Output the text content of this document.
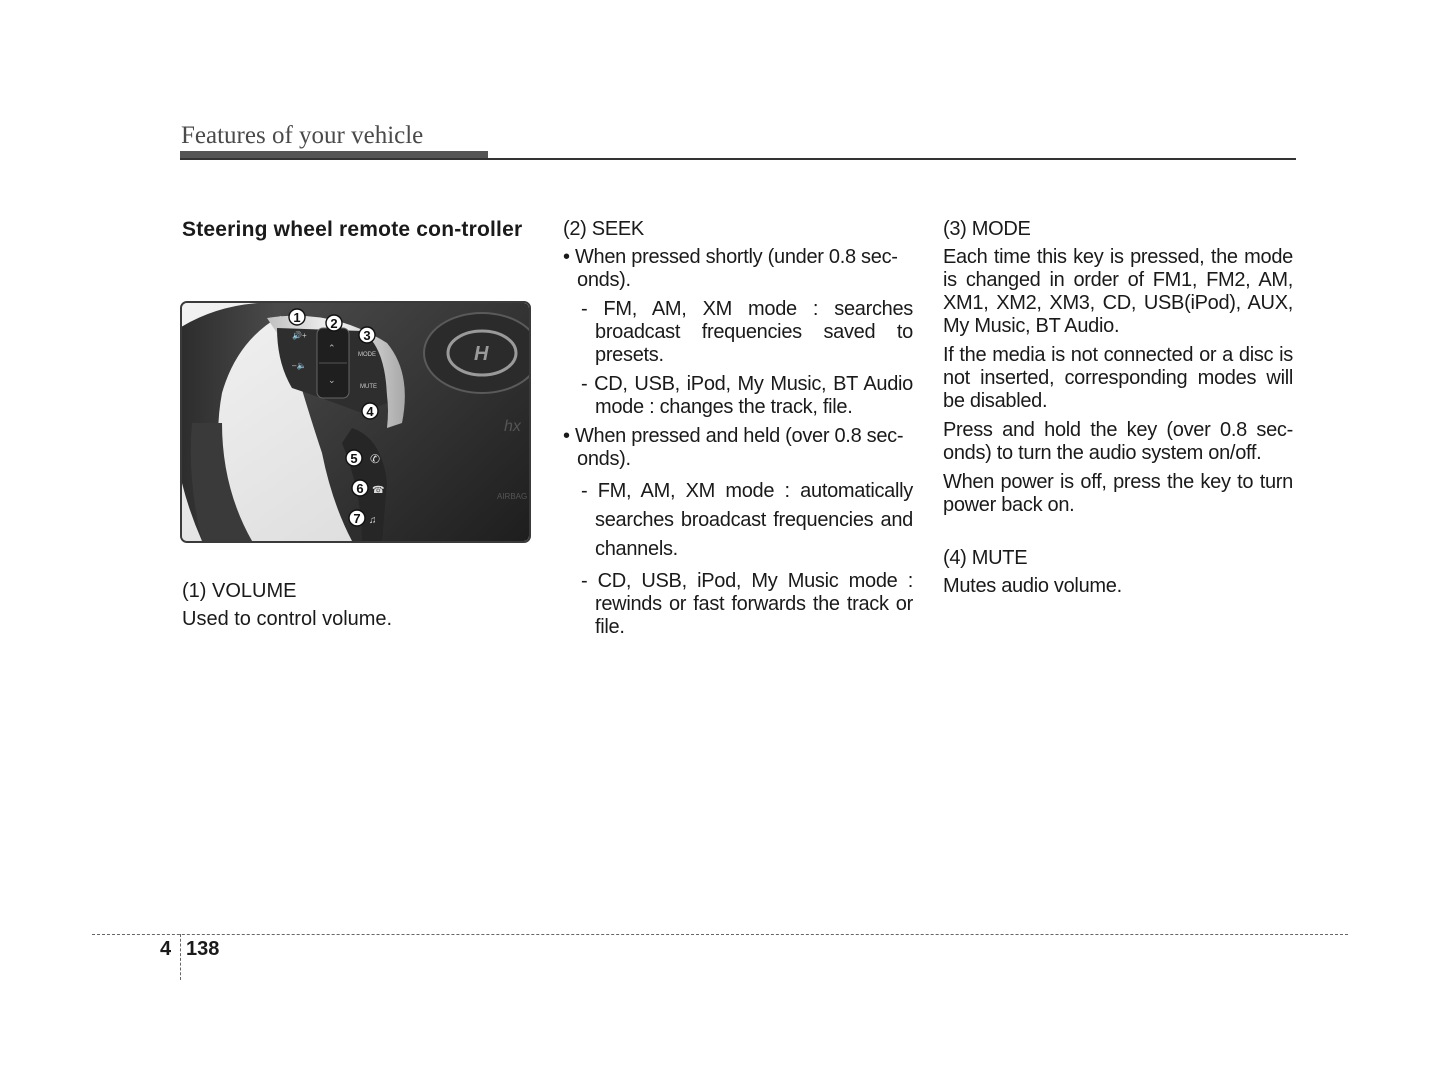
Features of your vehicle
Steering wheel remote con-troller
H
⌃
⌄
🔊+
–🔈
MODE
MUTE
✆
☎
♫
hx
AIRBAG
1 2
3
4
5
6
7

(1) VOLUME

Used to control volume.

(2) SEEK

• When pressed shortly (under 0.8 sec-onds).

- FM, AM, XM mode : searches broadcast frequencies saved to presets.

- CD, USB, iPod, My Music, BT Audio mode : changes the track, file.

• When pressed and held (over 0.8 sec-onds).

- FM, AM, XM mode : automatically searches broadcast frequencies and channels.

- CD, USB, iPod, My Music mode : rewinds or fast forwards the track or file.

(3) MODE

Each time this key is pressed, the mode is changed in order of FM1, FM2, AM, XM1, XM2, XM3, CD, USB(iPod), AUX, My Music, BT Audio.

If the media is not connected or a disc is not inserted, corresponding modes will be disabled.

Press and hold the key (over 0.8 sec-onds) to turn the audio system on/off.

When power is off, press the key to turn power back on.

(4) MUTE

Mutes audio volume.

4 138
